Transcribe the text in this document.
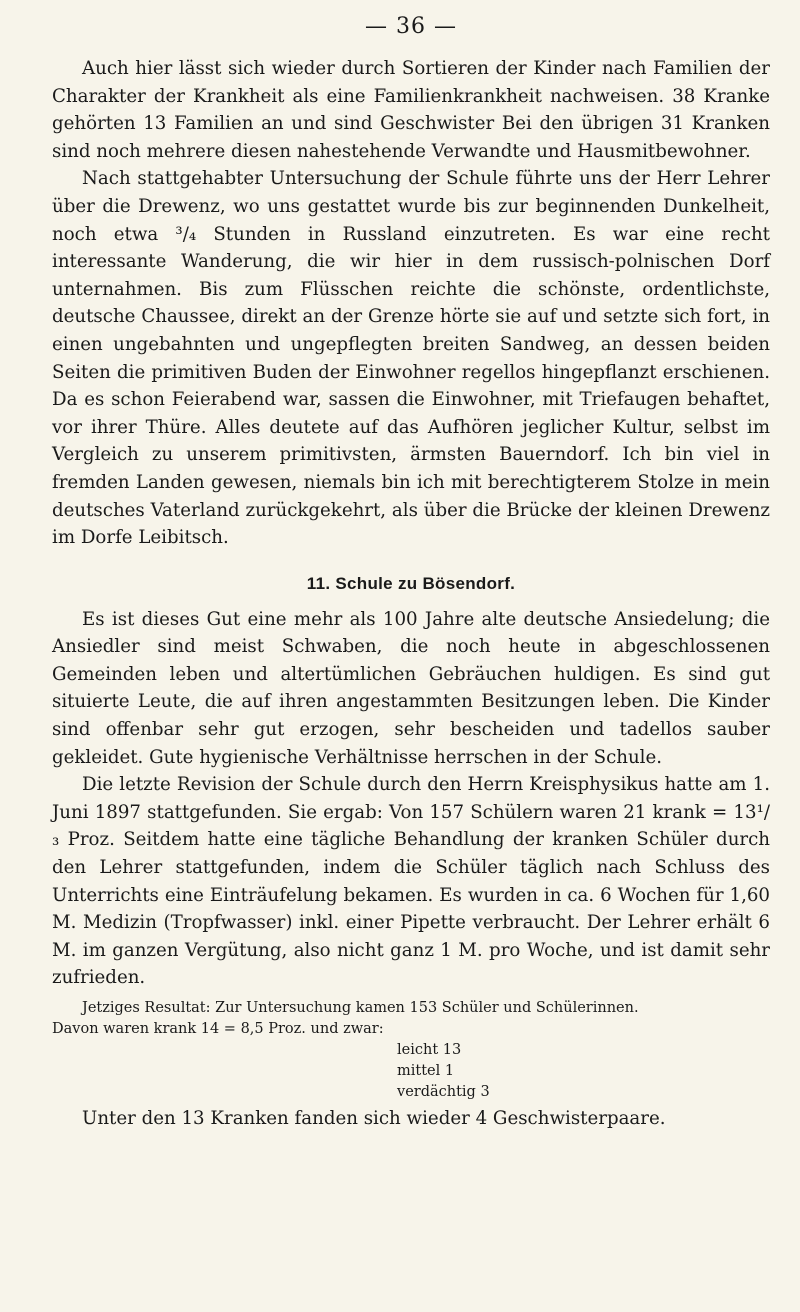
— 36 —

Auch hier lässt sich wieder durch Sortieren der Kinder nach Familien der Charakter der Krankheit als eine Familienkrankheit nachweisen. 38 Kranke gehörten 13 Familien an und sind Geschwister Bei den übrigen 31 Kranken sind noch mehrere diesen nahestehende Verwandte und Hausmitbewohner.

Nach stattgehabter Untersuchung der Schule führte uns der Herr Lehrer über die Drewenz, wo uns gestattet wurde bis zur beginnenden Dunkelheit, noch etwa ³/₄ Stunden in Russland einzutreten. Es war eine recht interessante Wanderung, die wir hier in dem russisch-polnischen Dorf unternahmen. Bis zum Flüsschen reichte die schönste, ordentlichste, deutsche Chaussee, direkt an der Grenze hörte sie auf und setzte sich fort, in einen ungebahnten und ungepflegten breiten Sandweg, an dessen beiden Seiten die primitiven Buden der Einwohner regellos hingepflanzt erschienen. Da es schon Feierabend war, sassen die Einwohner, mit Triefaugen behaftet, vor ihrer Thüre. Alles deutete auf das Aufhören jeglicher Kultur, selbst im Vergleich zu unserem primitivsten, ärmsten Bauerndorf. Ich bin viel in fremden Landen gewesen, niemals bin ich mit berechtigterem Stolze in mein deutsches Vaterland zurückgekehrt, als über die Brücke der kleinen Drewenz im Dorfe Leibitsch.

11. Schule zu Bösendorf.

Es ist dieses Gut eine mehr als 100 Jahre alte deutsche Ansiedelung; die Ansiedler sind meist Schwaben, die noch heute in abgeschlossenen Gemeinden leben und altertümlichen Gebräuchen huldigen. Es sind gut situierte Leute, die auf ihren angestammten Besitzungen leben. Die Kinder sind offenbar sehr gut erzogen, sehr bescheiden und tadellos sauber gekleidet. Gute hygienische Verhältnisse herrschen in der Schule.

Die letzte Revision der Schule durch den Herrn Kreisphysikus hatte am 1. Juni 1897 stattgefunden. Sie ergab: Von 157 Schülern waren 21 krank = 13¹/₃ Proz. Seitdem hatte eine tägliche Behandlung der kranken Schüler durch den Lehrer stattgefunden, indem die Schüler täglich nach Schluss des Unterrichts eine Einträufelung bekamen. Es wurden in ca. 6 Wochen für 1,60 M. Medizin (Tropfwasser) inkl. einer Pipette verbraucht. Der Lehrer erhält 6 M. im ganzen Vergütung, also nicht ganz 1 M. pro Woche, und ist damit sehr zufrieden.

Jetziges Resultat: Zur Untersuchung kamen 153 Schüler und Schülerinnen.
Davon waren krank 14 = 8,5 Proz. und zwar:
leicht 13
mittel 1
verdächtig 3

Unter den 13 Kranken fanden sich wieder 4 Geschwisterpaare.
